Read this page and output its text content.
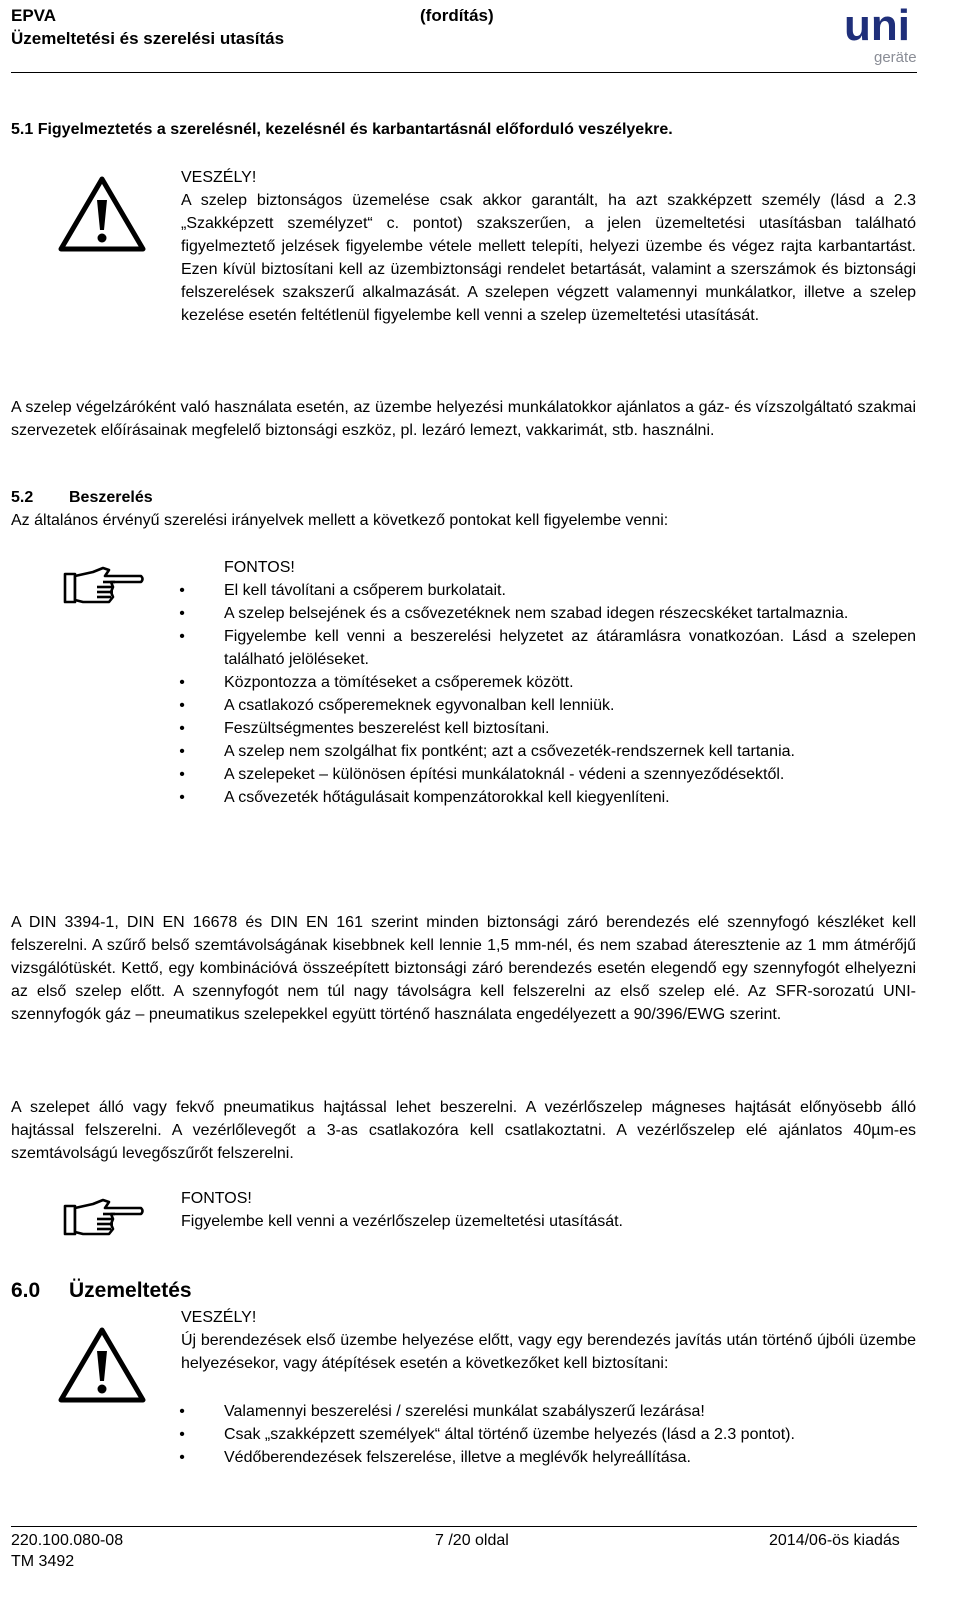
EPVA	(fordítás)
Üzemeltetési és szerelési utasítás	uni
geräte
5.1 Figyelmeztetés a szerelésnél, kezelésnél és karbantartásnál előforduló veszélyekre.
VESZÉLY!
A szelep biztonságos üzemelése csak akkor garantált, ha azt szakképzett személy (lásd a 2.3 „Szakképzett személyzet“ c. pontot) szakszerűen, a jelen üzemeltetési utasításban található figyelmeztető jelzések figyelembe vétele mellett telepíti, helyezi üzembe és végez rajta karbantartást. Ezen kívül biztosítani kell az üzembiztonsági rendelet betartását, valamint a szerszámok és biztonsági felszerelések szakszerű alkalmazását. A szelepen végzett valamennyi munkálatkor, illetve a szelep kezelése esetén feltétlenül figyelembe kell venni a szelep üzemeltetési utasítását.
A szelep végelzáróként való használata esetén, az üzembe helyezési munkálatokkor ajánlatos a gáz- és vízszolgáltató szakmai szervezetek előírásainak megfelelő biztonsági eszköz, pl. lezáró lemezt, vakkarimát, stb. használni.
5.2 Beszerelés
Az általános érvényű szerelési irányelvek mellett a következő pontokat kell figyelembe venni:
FONTOS!
• El kell távolítani a csőperem burkolatait.
• A szelep belsejének és a csővezetéknek nem szabad idegen részecskéket tartalmaznia.
• Figyelembe kell venni a beszerelési helyzetet az átáramlásra vonatkozóan. Lásd a szelepen található jelöléseket.
• Központozza a tömítéseket a csőperemek között.
• A csatlakozó csőperemeknek egyvonalban kell lenniük.
• Feszültségmentes beszerelést kell biztosítani.
• A szelep nem szolgálhat fix pontként; azt a csővezeték-rendszernek kell tartania.
• A szelepeket – különösen építési munkálatoknál - védeni a szennyeződésektől.
• A csővezeték hőtágulásait kompenzátorokkal kell kiegyenlíteni.
A DIN 3394-1, DIN EN 16678 és DIN EN 161 szerint minden biztonsági záró berendezés elé szennyfogó készléket kell felszerelni. A szűrő belső szemtávolságának kisebbnek kell lennie 1,5 mm-nél, és nem szabad áteresztenie az 1 mm átmérőjű vizsgálótüskét. Kettő, egy kombinációvá összeépített biztonsági záró berendezés esetén elegendő egy szennyfogót elhelyezni az első szelep előtt. A szennyfogót nem túl nagy távolságra kell felszerelni az első szelep elé. Az SFR-sorozatú UNI-szennyfogók gáz – pneumatikus szelepekkel együtt történő használata engedélyezett a 90/396/EWG szerint.
A szelepet álló vagy fekvő pneumatikus hajtással lehet beszerelni. A vezérlőszelep mágneses hajtását előnyösebb álló hajtással felszerelni. A vezérlőlevegőt a 3-as csatlakozóra kell csatlakoztatni. A vezérlőszelep elé ajánlatos 40µm-es szemtávolságú levegőszűrőt felszerelni.
FONTOS!
Figyelembe kell venni a vezérlőszelep üzemeltetési utasítását.
6.0 Üzemeltetés
VESZÉLY!
Új berendezések első üzembe helyezése előtt, vagy egy berendezés javítás után történő újbóli üzembe helyezésekor, vagy átépítések esetén a következőket kell biztosítani:
• Valamennyi beszerelési / szerelési munkálat szabályszerű lezárása!
• Csak „szakképzett személyek“ által történő üzembe helyezés (lásd a 2.3 pontot).
• Védőberendezések felszerelése, illetve a meglévők helyreállítása.
220.100.080-08	7 /20 oldal	2014/06-ös kiadás
TM 3492
